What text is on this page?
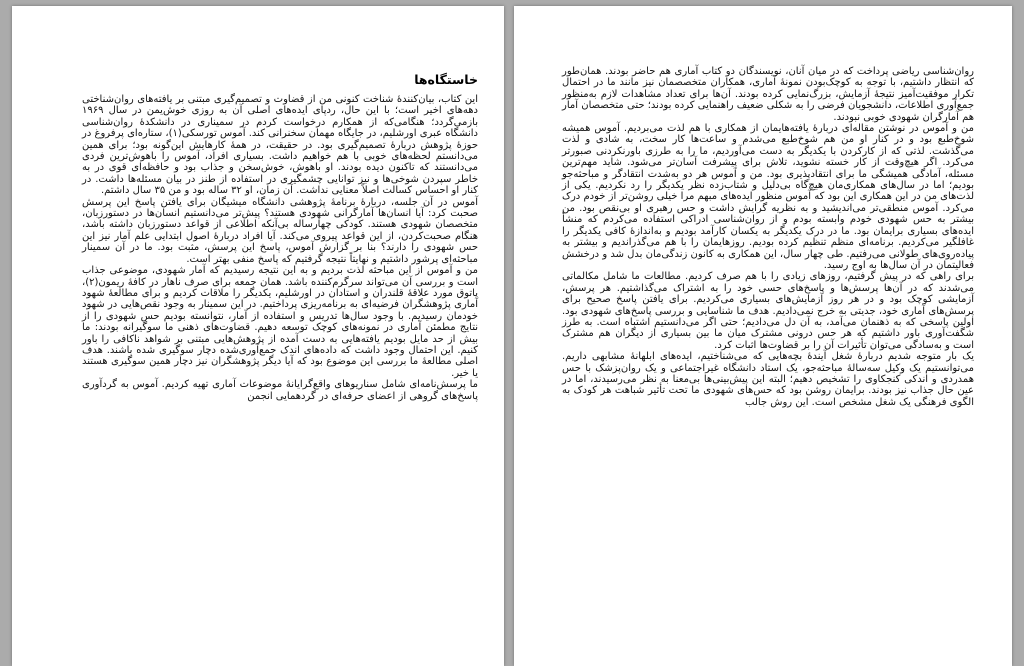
خاستگاه‌ها

این کتاب، بیان‌کنندهٔ شناخت کنونی من از قضاوت و تصمیم‌گیری مبتنی بر یافته‌های روان‌شناختی دهه‌های اخیر است؛ با این حال، ردپای ایده‌های اصلی آن به روزی خوش‌یمن در سال ۱۹۶۹ بازمی‌گردد؛ هنگامی‌که از همکارم درخواست کردم در سمیناری در دانشکدهٔ روان‌شناسی دانشگاه عبری اورشلیم، در جایگاه مهمان سخنرانی کند. آموس تورسکی(۱)، ستاره‌ای پرفروغ در حوزهٔ پژوهش دربارهٔ تصمیم‌گیری بود. در حقیقت، در همهٔ کارهایش این‌گونه بود؛ برای همین می‌دانستم لحظه‌های خوبی با هم خواهیم داشت. بسیاری افراد، آموس را باهوش‌ترین فردی می‌دانستند که تاکنون دیده بودند. او باهوش، خوش‌سخن و جذاب بود و حافظه‌ای قوی در به خاطر سپردن شوخی‌ها و نیز توانایی چشمگیری در استفاده از طنز در بیان مسئله‌ها داشت. در کنار او احساس کسالت اصلاً معنایی نداشت. آن زمان، او ۳۲ ساله بود و من ۳۵ سال داشتم.

آموس در آن جلسه، دربارهٔ برنامهٔ پژوهشی دانشگاه میشیگان برای یافتن پاسخ این پرسش صحبت کرد: آیا انسان‌ها آمارگرانی شهودی هستند؟ پیش‌تر می‌دانستیم انسان‌ها در دستورزبان، متخصصان شهودی هستند. کودکی چهارساله بی‌آنکه اطلاعی از قواعد دستورزبان داشته باشد، هنگام صحبت‌کردن، از این قواعد پیروی می‌کند. آیا افراد دربارهٔ اصول ابتدایی علم آمار نیز این حس شهودی را دارند؟ بنا بر گزارش آموس، پاسخ این پرسش، مثبت بود. ما در آن سمینار مباحثه‌ای پرشور داشتیم و نهایتاً نتیجه گرفتیم که پاسخ منفی بهتر است.

من و آموس از این مباحثه لذت بردیم و به این نتیجه رسیدیم که آمار شهودی، موضوعی جذاب است و بررسی آن می‌تواند سرگرم‌کننده باشد. همان جمعه برای صرف ناهار در کافهٔ ریمون(۲)، پاتوق مورد علاقهٔ قلندران و استادان در اورشلیم، یکدیگر را ملاقات کردیم و برای مطالعهٔ شهود آماری پژوهشگران فرضیه‌ای به برنامه‌ریزی پرداختیم. در این سمینار به وجود نقص‌هایی در شهود خودمان رسیدیم. با وجود سال‌ها تدریس و استفاده از آمار، نتوانسته بودیم حس شهودی را از نتایج مطمئن آماری در نمونه‌های کوچک توسعه دهیم. قضاوت‌های ذهنی ما سوگیرانه بودند: ما بیش از حد مایل بودیم یافته‌هایی به دست آمده از پژوهش‌هایی مبتنی بر شواهد ناکافی را باور کنیم. این احتمال وجود داشت که داده‌های اندک جمع‌آوری‌شده دچار سوگیری شده باشند. هدف اصلی مطالعهٔ ما بررسی این موضوع بود که آیا دیگر پژوهشگران نیز دچار همین سوگیری هستند یا خیر.

ما پرسش‌نامه‌ای شامل سناریوهای واقع‌گرایانهٔ موضوعات آماری تهیه کردیم. آموس به گردآوری پاسخ‌های گروهی از اعضای حرفه‌ای در گردهمایی انجمن

روان‌شناسی ریاضی پرداخت که در میان آنان، نویسندگان دو کتاب آماری هم حاضر بودند. همان‌طور که انتظار داشتیم، با توجه به کوچک‌بودن نمونهٔ آماری، همکاران متخصصمان نیز مانند ما در احتمال تکرار موفقیت‌آمیز نتیجهٔ آزمایش، بزرگ‌نمایی کرده بودند. آن‌ها برای تعداد مشاهدات لازم به‌منظور جمع‌آوری اطلاعات، دانشجویان فرضی را به شکلی ضعیف راهنمایی کرده بودند؛ حتی متخصصان آمار هم آمارگران شهودی خوبی نبودند.

من و آموس در نوشتن مقاله‌ای دربارهٔ یافته‌هایمان از همکاری با هم لذت می‌بردیم. آموس همیشه شوخ‌طبع بود و در کنار او من هم شوخ‌طبع می‌شدم و ساعت‌ها کار سخت، به شادی و لذت می‌گذشت. لذتی که از کارکردن با یکدیگر به دست می‌آوردیم، ما را به طرزی باورنکردنی صبورتر می‌کرد. اگر هیچ‌وقت از کار خسته نشوید، تلاش برای پیشرفت آسان‌تر می‌شود. شاید مهم‌ترین مسئله، آمادگی همیشگی ما برای انتقادپذیری بود. من و آموس هر دو به‌شدت انتقادگر و مباحثه‌جو بودیم؛ اما در سال‌های همکاری‌مان هیچ‌گاه بی‌دلیل و شتاب‌زده نظر یکدیگر را رد نکردیم. یکی از لذت‌های من در این همکاری این بود که آموس منظور ایده‌های مبهم مرا خیلی روشن‌تر از خودم درک می‌کرد. آموس منطقی‌تر می‌اندیشید و به نظریه گرایش داشت و حس رهبری او بی‌نقص بود. من بیشتر به حس شهودی خودم وابسته بودم و از روان‌شناسی ادراکی استفاده می‌کردم که منشأ ایده‌های بسیاری برایمان بود. ما در درک یکدیگر به یکسان کارآمد بودیم و به‌اندازهٔ کافی یکدیگر را غافلگیر می‌کردیم. برنامه‌ای منظم تنظیم کرده بودیم. روزهایمان را با هم می‌گذراندیم و بیشتر به پیاده‌روی‌های طولانی می‌رفتیم. طی چهار سال، این همکاری به کانون زندگی‌مان بدل شد و درخشش فعالیتمان در آن سال‌ها به اوج رسید.

برای راهی که در پیش گرفتیم، روزهای زیادی را با هم صرف کردیم. مطالعات ما شامل مکالماتی می‌شدند که در آن‌ها پرسش‌ها و پاسخ‌های حسی خود را به اشتراک می‌گذاشتیم. هر پرسش، آزمایشی کوچک بود و در هر روز آزمایش‌های بسیاری می‌کردیم. برای یافتن پاسخ صحیح برای پرسش‌های آماری خود، جدیتی به خرج نمی‌دادیم. هدف ما شناسایی و بررسی پاسخ‌های شهودی بود. اولین پاسخی که به ذهنمان می‌آمد، به آن دل می‌دادیم؛ حتی اگر می‌دانستیم اشتباه است. به طرز شگفت‌آوری باور داشتیم که هر حس درونی مشترک میان ما بین بسیاری از دیگران هم مشترک است و به‌سادگی می‌توان تأثیرات آن را بر قضاوت‌ها اثبات کرد.

یک بار متوجه شدیم دربارهٔ شغل آیندهٔ بچه‌هایی که می‌شناختیم، ایده‌های ابلهانهٔ مشابهی داریم. می‌توانستیم یک وکیل سه‌سالهٔ مباحثه‌جو، یک استاد دانشگاه غیراجتماعی و یک روان‌پزشک با حس همدردی و اندکی کنجکاوی را تشخیص دهیم؛ البته این پیش‌بینی‌ها بی‌معنا به نظر می‌رسیدند، اما در عین حال جذاب نیز بودند. برایمان روشن بود که حس‌های شهودی ما تحت تأثیر شباهت هر کودک به الگوی فرهنگی یک شغل مشخص است. این روش جالب
